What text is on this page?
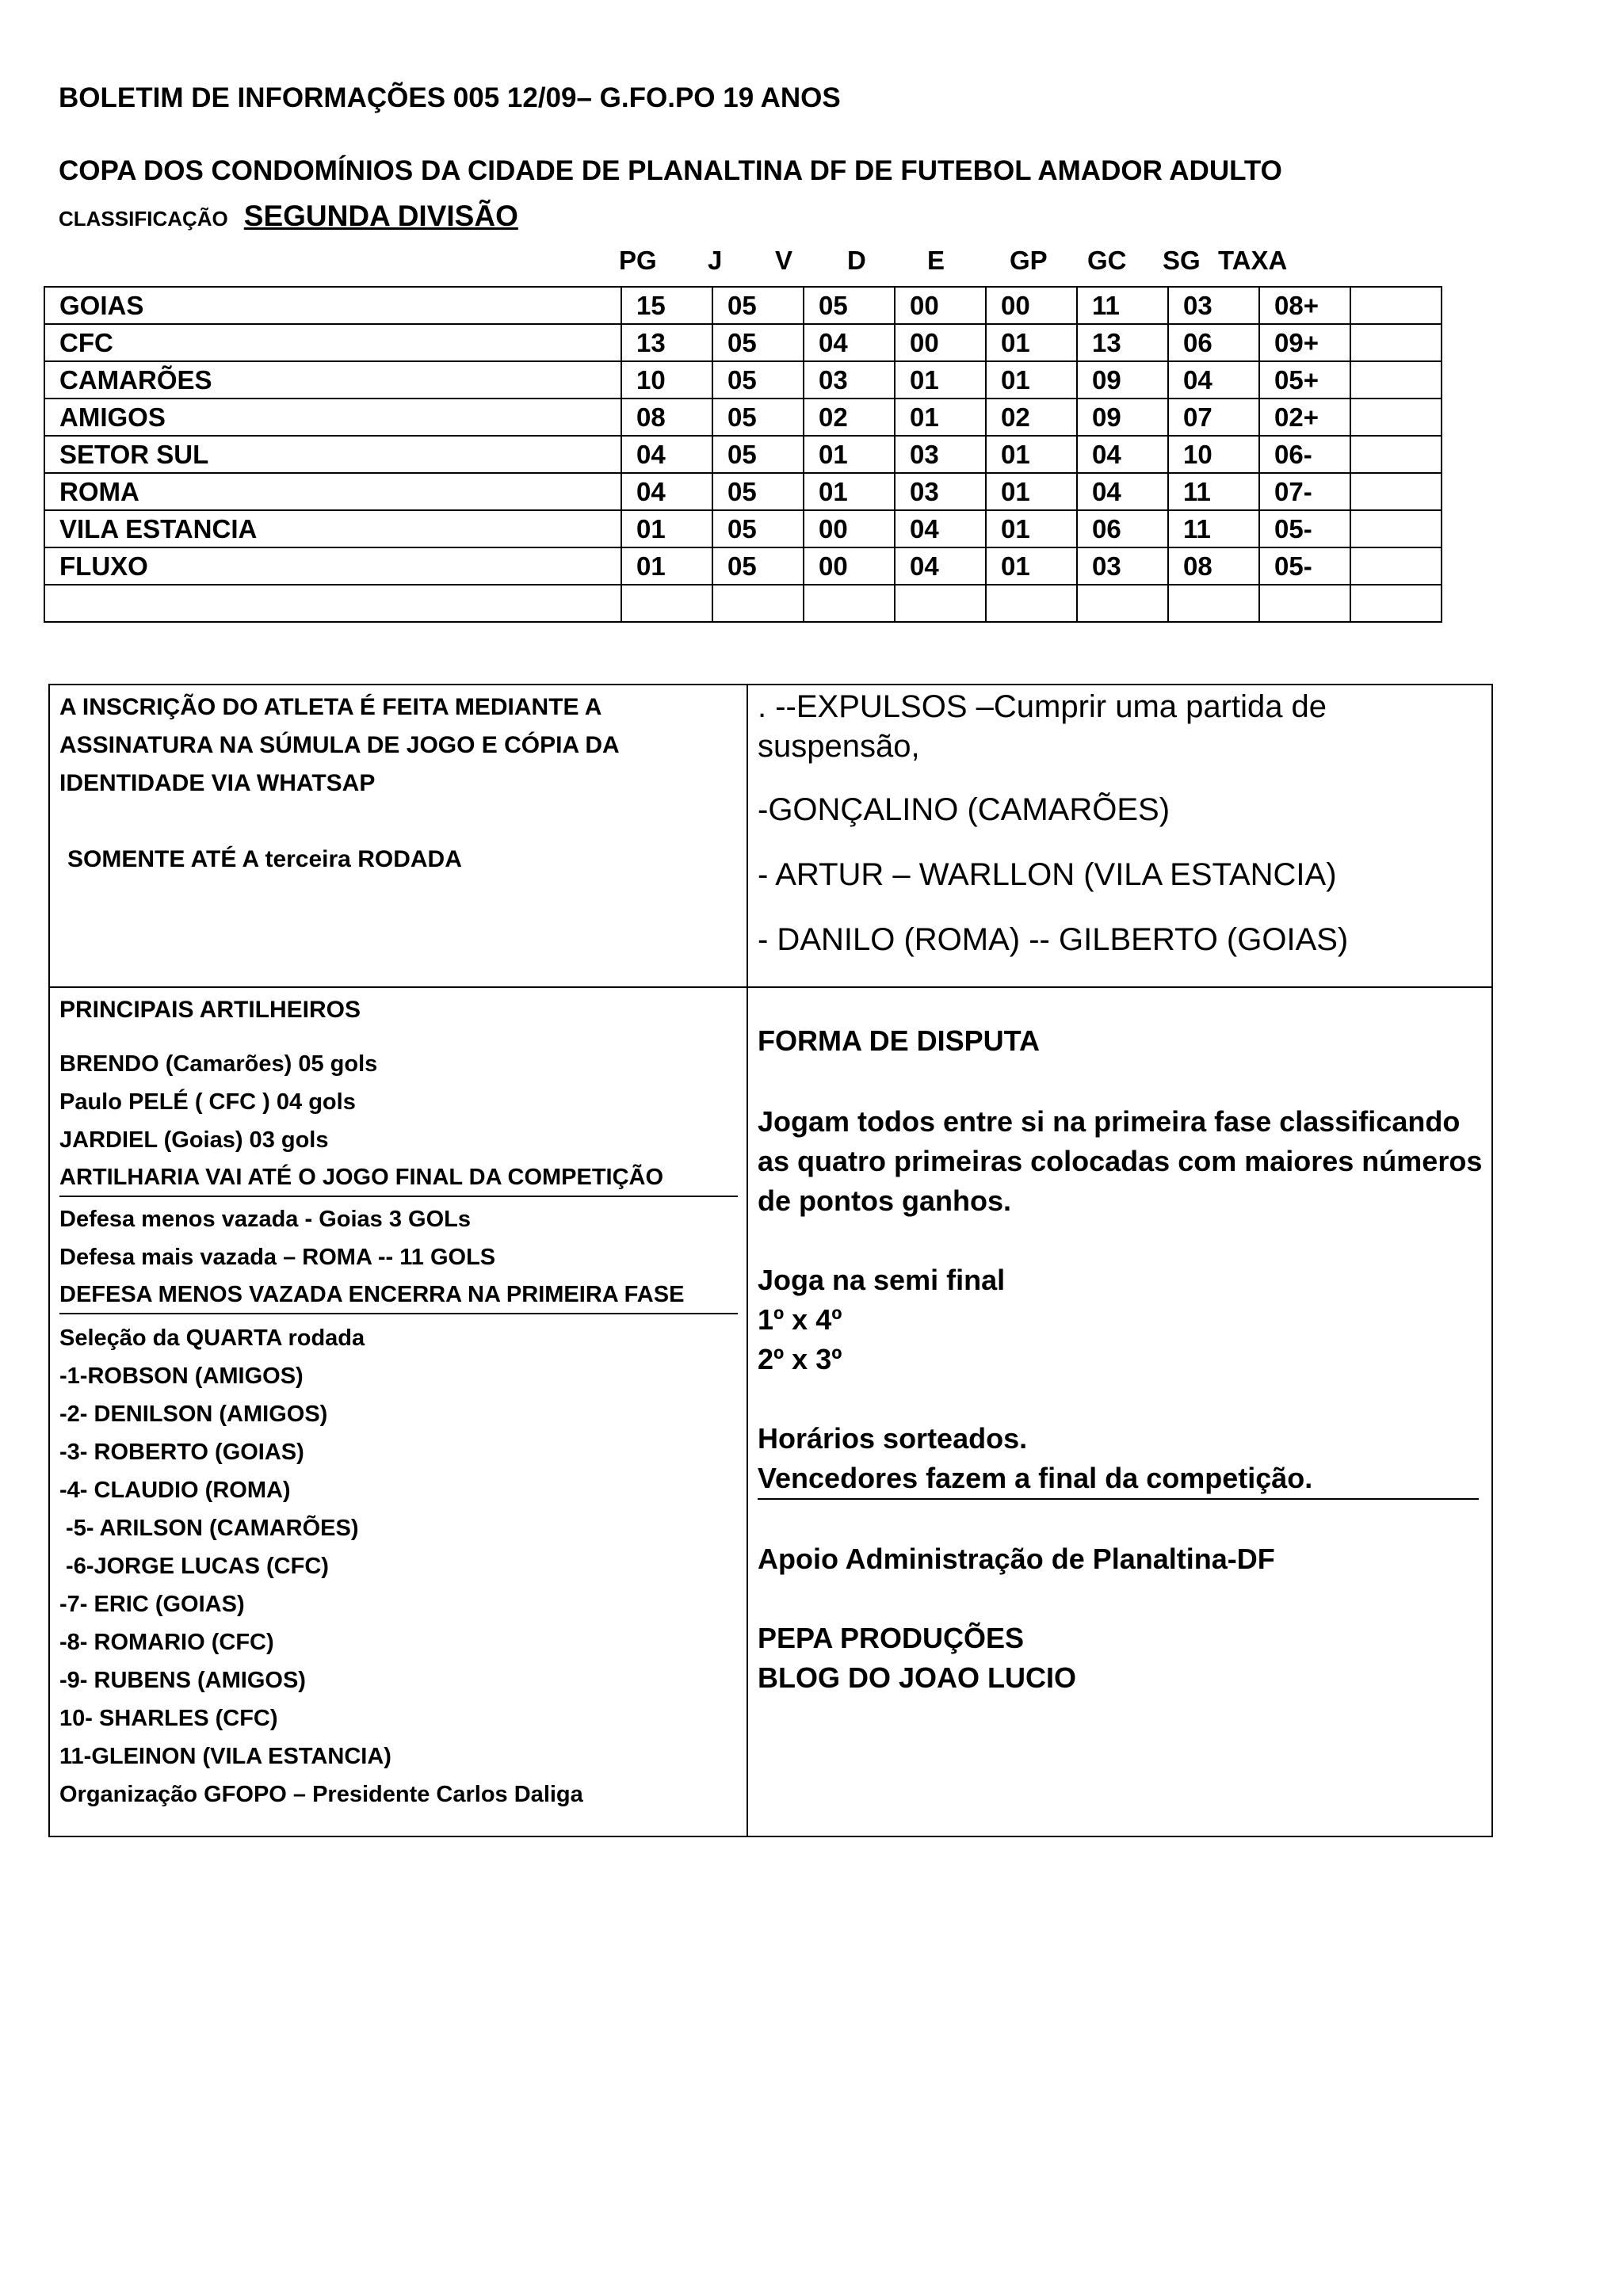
BOLETIM DE INFORMAÇÕES 005 12/09– G.FO.PO 19 ANOS
COPA DOS CONDOMÍNIOS DA CIDADE DE PLANALTINA DF DE FUTEBOL AMADOR ADULTO
CLASSIFICAÇÃO SEGUNDA DIVISÃO
PG J V D E GP GC SG TAXA
GOIAS	15	05	05	00	00	11	03	08+	
CFC	13	05	04	00	01	13	06	09+	
CAMARÕES	10	05	03	01	01	09	04	05+	
AMIGOS	08	05	02	01	02	09	07	02+	
SETOR SUL	04	05	01	03	01	04	10	06-	
ROMA	04	05	01	03	01	04	11	07-	
VILA ESTANCIA	01	05	00	04	01	06	11	05-	
FLUXO	01	05	00	04	01	03	08	05-	

A INSCRIÇÃO DO ATLETA É FEITA MEDIANTE A

ASSINATURA NA SÚMULA DE JOGO E CÓPIA DA

IDENTIDADE VIA WHATSAP

SOMENTE ATÉ A terceira RODADA

. --EXPULSOS –Cumprir uma partida de

suspensão,

-GONÇALINO (CAMARÕES)

- ARTUR – WARLLON (VILA ESTANCIA)

- DANILO (ROMA) -- GILBERTO (GOIAS)

PRINCIPAIS ARTILHEIROS

BRENDO (Camarões) 05 gols

Paulo PELÉ ( CFC ) 04 gols

JARDIEL (Goias) 03 gols

ARTILHARIA VAI ATÉ O JOGO FINAL DA COMPETIÇÃO

Defesa menos vazada - Goias 3 GOLs

Defesa mais vazada – ROMA -- 11 GOLS

DEFESA MENOS VAZADA ENCERRA NA PRIMEIRA FASE

Seleção da QUARTA rodada

-1-ROBSON (AMIGOS)

-2- DENILSON (AMIGOS)

-3- ROBERTO (GOIAS)

-4- CLAUDIO (ROMA)

-5- ARILSON (CAMARÕES)

-6-JORGE LUCAS (CFC)

-7- ERIC (GOIAS)

-8- ROMARIO (CFC)

-9- RUBENS (AMIGOS)

10- SHARLES (CFC)

11-GLEINON (VILA ESTANCIA)

Organização GFOPO – Presidente Carlos Daliga

FORMA DE DISPUTA

Jogam todos entre si na primeira fase classificando

as quatro primeiras colocadas com maiores números

de pontos ganhos.

Joga na semi final

1º x 4º

2º x 3º

Horários sorteados.

Vencedores fazem a final da competição.

Apoio Administração de Planaltina-DF

PEPA PRODUÇÕES

BLOG DO JOAO LUCIO
